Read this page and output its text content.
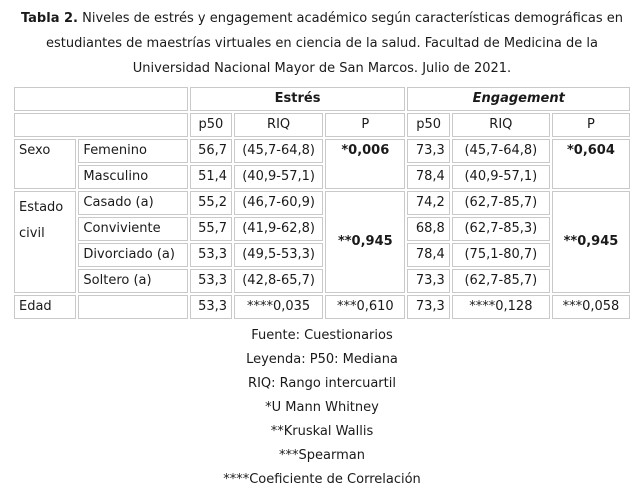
Tabla 2. Niveles de estrés y engagement académico según características demográficas en estudiantes de maestrías virtuales en ciencia de la salud. Facultad de Medicina de la Universidad Nacional Mayor de San Marcos. Julio de 2021.
		Estrés			Engagement		
		p50	RIQ	P	p50	RIQ	P
Sexo	Femenino	56,7	(45,7-64,8)	*0,006	73,3	(45,7-64,8)	*0,604
	Masculino	51,4	(40,9-57,1)		78,4	(40,9-57,1)	

Estado
civil	Casado (a)	55,2	(46,7-60,9)	**0,945	74,2	(62,7-85,7)	**0,945
	Conviviente	55,7	(41,9-62,8)		68,8	(62,7-85,3)	
	Divorciado (a)	53,3	(49,5-53,3)		78,4	(75,1-80,7)	
	Soltero (a)	53,3	(42,8-65,7)		73,3	(62,7-85,7)	
Edad		53,3	****0,035	***0,610	73,3	****0,128	***0,058
Fuente: Cuestionarios
Leyenda: P50: Mediana
RIQ: Rango intercuartil
*U Mann Whitney
**Kruskal Wallis
***Spearman
****Coeficiente de Correlación
